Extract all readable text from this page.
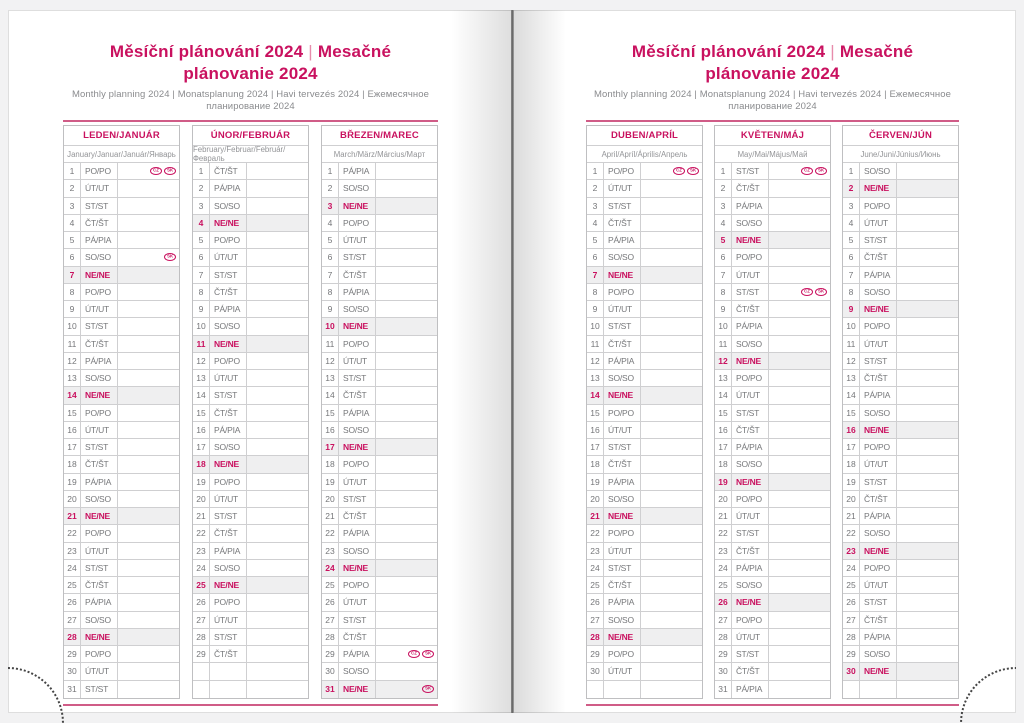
Měsíční plánování 2024 | Mesačné plánovanie 2024
Monthly planning 2024 | Monatsplanung 2024 | Havi tervezés 2024 | Ежемесячное планирование 2024
LEDEN/JANUÁR
January/Januar/Január/Январь
1	PO/PO	CZ SK
2	ÚT/UT
3	ST/ST
4	ČT/ŠT
5	PÁ/PIA
6	SO/SO	SK
7	NE/NE
8	PO/PO
9	ÚT/UT
10 ST/ST
11	ČT/ŠT
12 PÁ/PIA
13 SO/SO
14 NE/NE
15 PO/PO
16 ÚT/UT
17 ST/ST
18 ČT/ŠT
19 PÁ/PIA
20 SO/SO
21 NE/NE
22 PO/PO
23 ÚT/UT
24 ST/ST
25 ČT/ŠT
26 PÁ/PIA
27 SO/SO
28 NE/NE
29 PO/PO
30 ÚT/UT
31 ST/ST
ÚNOR/FEBRUÁR
February/Februar/Február/Февраль
1	ČT/ŠT
2	PÁ/PIA
3	SO/SO
4	NE/NE
5	PO/PO
6	ÚT/UT
7	ST/ST
8	ČT/ŠT
9	PÁ/PIA
10 SO/SO
11	NE/NE
12 PO/PO
13 ÚT/UT
14 ST/ST
15 ČT/ŠT
16 PÁ/PIA
17 SO/SO
18 NE/NE
19 PO/PO
20 ÚT/UT
21 ST/ST
22 ČT/ŠT
23 PÁ/PIA
24 SO/SO
25 NE/NE
26 PO/PO
27 ÚT/UT
28 ST/ST
29 ČT/ŠT
BŘEZEN/MAREC
March/März/Március/Март
1	PÁ/PIA
2	SO/SO
3	NE/NE
4	PO/PO
5	ÚT/UT
6	ST/ST
7	ČT/ŠT
8	PÁ/PIA
9	SO/SO
10 NE/NE
11	PO/PO
12 ÚT/UT
13 ST/ST
14 ČT/ŠT
15 PÁ/PIA
16 SO/SO
17 NE/NE
18 PO/PO
19 ÚT/UT
20 ST/ST
21 ČT/ŠT
22 PÁ/PIA
23 SO/SO
24 NE/NE
25 PO/PO
26 ÚT/UT
27 ST/ST
28 ČT/ŠT
29 PÁ/PIA	CZ SK
30 SO/SO
31 NE/NE	SK
Měsíční plánování 2024 | Mesačné plánovanie 2024
Monthly planning 2024 | Monatsplanung 2024 | Havi tervezés 2024 | Ежемесячное планирование 2024
DUBEN/APRÍL
April/Apríl/Április/Апрель
1	PO/PO	CZ SK
2	ÚT/UT
3	ST/ST
4	ČT/ŠT
5	PÁ/PIA
6	SO/SO
7	NE/NE
8	PO/PO
9	ÚT/UT
10 ST/ST
11	ČT/ŠT
12 PÁ/PIA
13 SO/SO
14 NE/NE
15 PO/PO
16 ÚT/UT
17 ST/ST
18 ČT/ŠT
19 PÁ/PIA
20 SO/SO
21 NE/NE
22 PO/PO
23 ÚT/UT
24 ST/ST
25 ČT/ŠT
26 PÁ/PIA
27 SO/SO
28 NE/NE
29 PO/PO
30 ÚT/UT
KVĚTEN/MÁJ
May/Mai/Május/Май
1	ST/ST	CZ SK
2	ČT/ŠT
3	PÁ/PIA
4	SO/SO
5	NE/NE
6	PO/PO
7	ÚT/UT
8	ST/ST	CZ SK
9	ČT/ŠT
10 PÁ/PIA
11	SO/SO
12 NE/NE
13 PO/PO
14 ÚT/UT
15 ST/ST
16 ČT/ŠT
17 PÁ/PIA
18 SO/SO
19 NE/NE
20 PO/PO
21 ÚT/UT
22 ST/ST
23 ČT/ŠT
24 PÁ/PIA
25 SO/SO
26 NE/NE
27 PO/PO
28 ÚT/UT
29 ST/ST
30 ČT/ŠT
31 PÁ/PIA
ČERVEN/JÚN
June/Juni/Június/Июнь
1	SO/SO
2	NE/NE
3	PO/PO
4	ÚT/UT
5	ST/ST
6	ČT/ŠT
7	PÁ/PIA
8	SO/SO
9	NE/NE
10 PO/PO
11	ÚT/UT
12 ST/ST
13 ČT/ŠT
14 PÁ/PIA
15 SO/SO
16 NE/NE
17 PO/PO
18 ÚT/UT
19 ST/ST
20 ČT/ŠT
21 PÁ/PIA
22 SO/SO
23 NE/NE
24 PO/PO
25 ÚT/UT
26 ST/ST
27 ČT/ŠT
28 PÁ/PIA
29 SO/SO
30 NE/NE
